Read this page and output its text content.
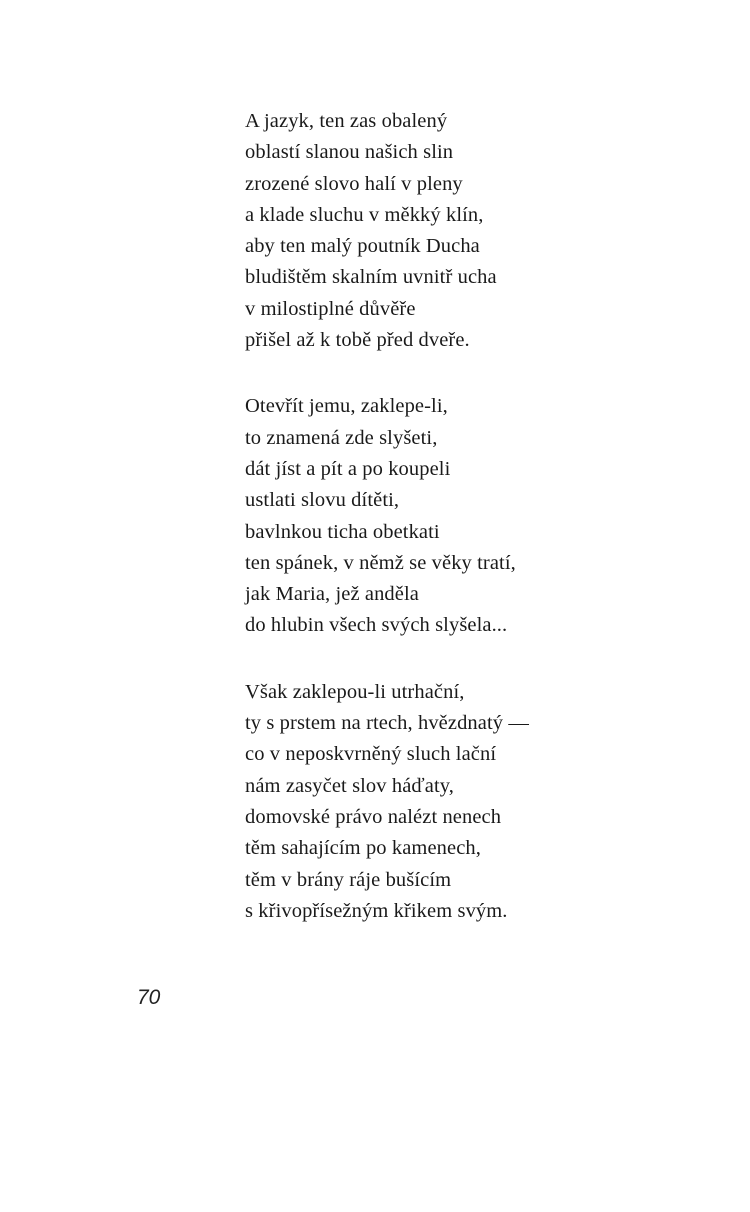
A jazyk, ten zas obalený
oblastí slanou našich slin
zrozené slovo halí v pleny
a klade sluchu v měkký klín,
aby ten malý poutník Ducha
bludištěm skalním uvnitř ucha
v milostiplné důvěře
přišel až k tobě před dveře.
Otevřít jemu, zaklepe-li,
to znamená zde slyšeti,
dát jíst a pít a po koupeli
ustlati slovu dítěti,
bavlnkou ticha obetkati
ten spánek, v němž se věky tratí,
jak Maria, jež anděla
do hlubin všech svých slyšela...
Však zaklepou-li utrhační,
ty s prstem na rtech, hvězdnatý —
co v neposkvrněný sluch lační
nám zasyčet slov háďaty,
domovské právo nalézt nenech
těm sahajícím po kamenech,
těm v brány ráje bušícím
s křivopřísežným křikem svým.
70
